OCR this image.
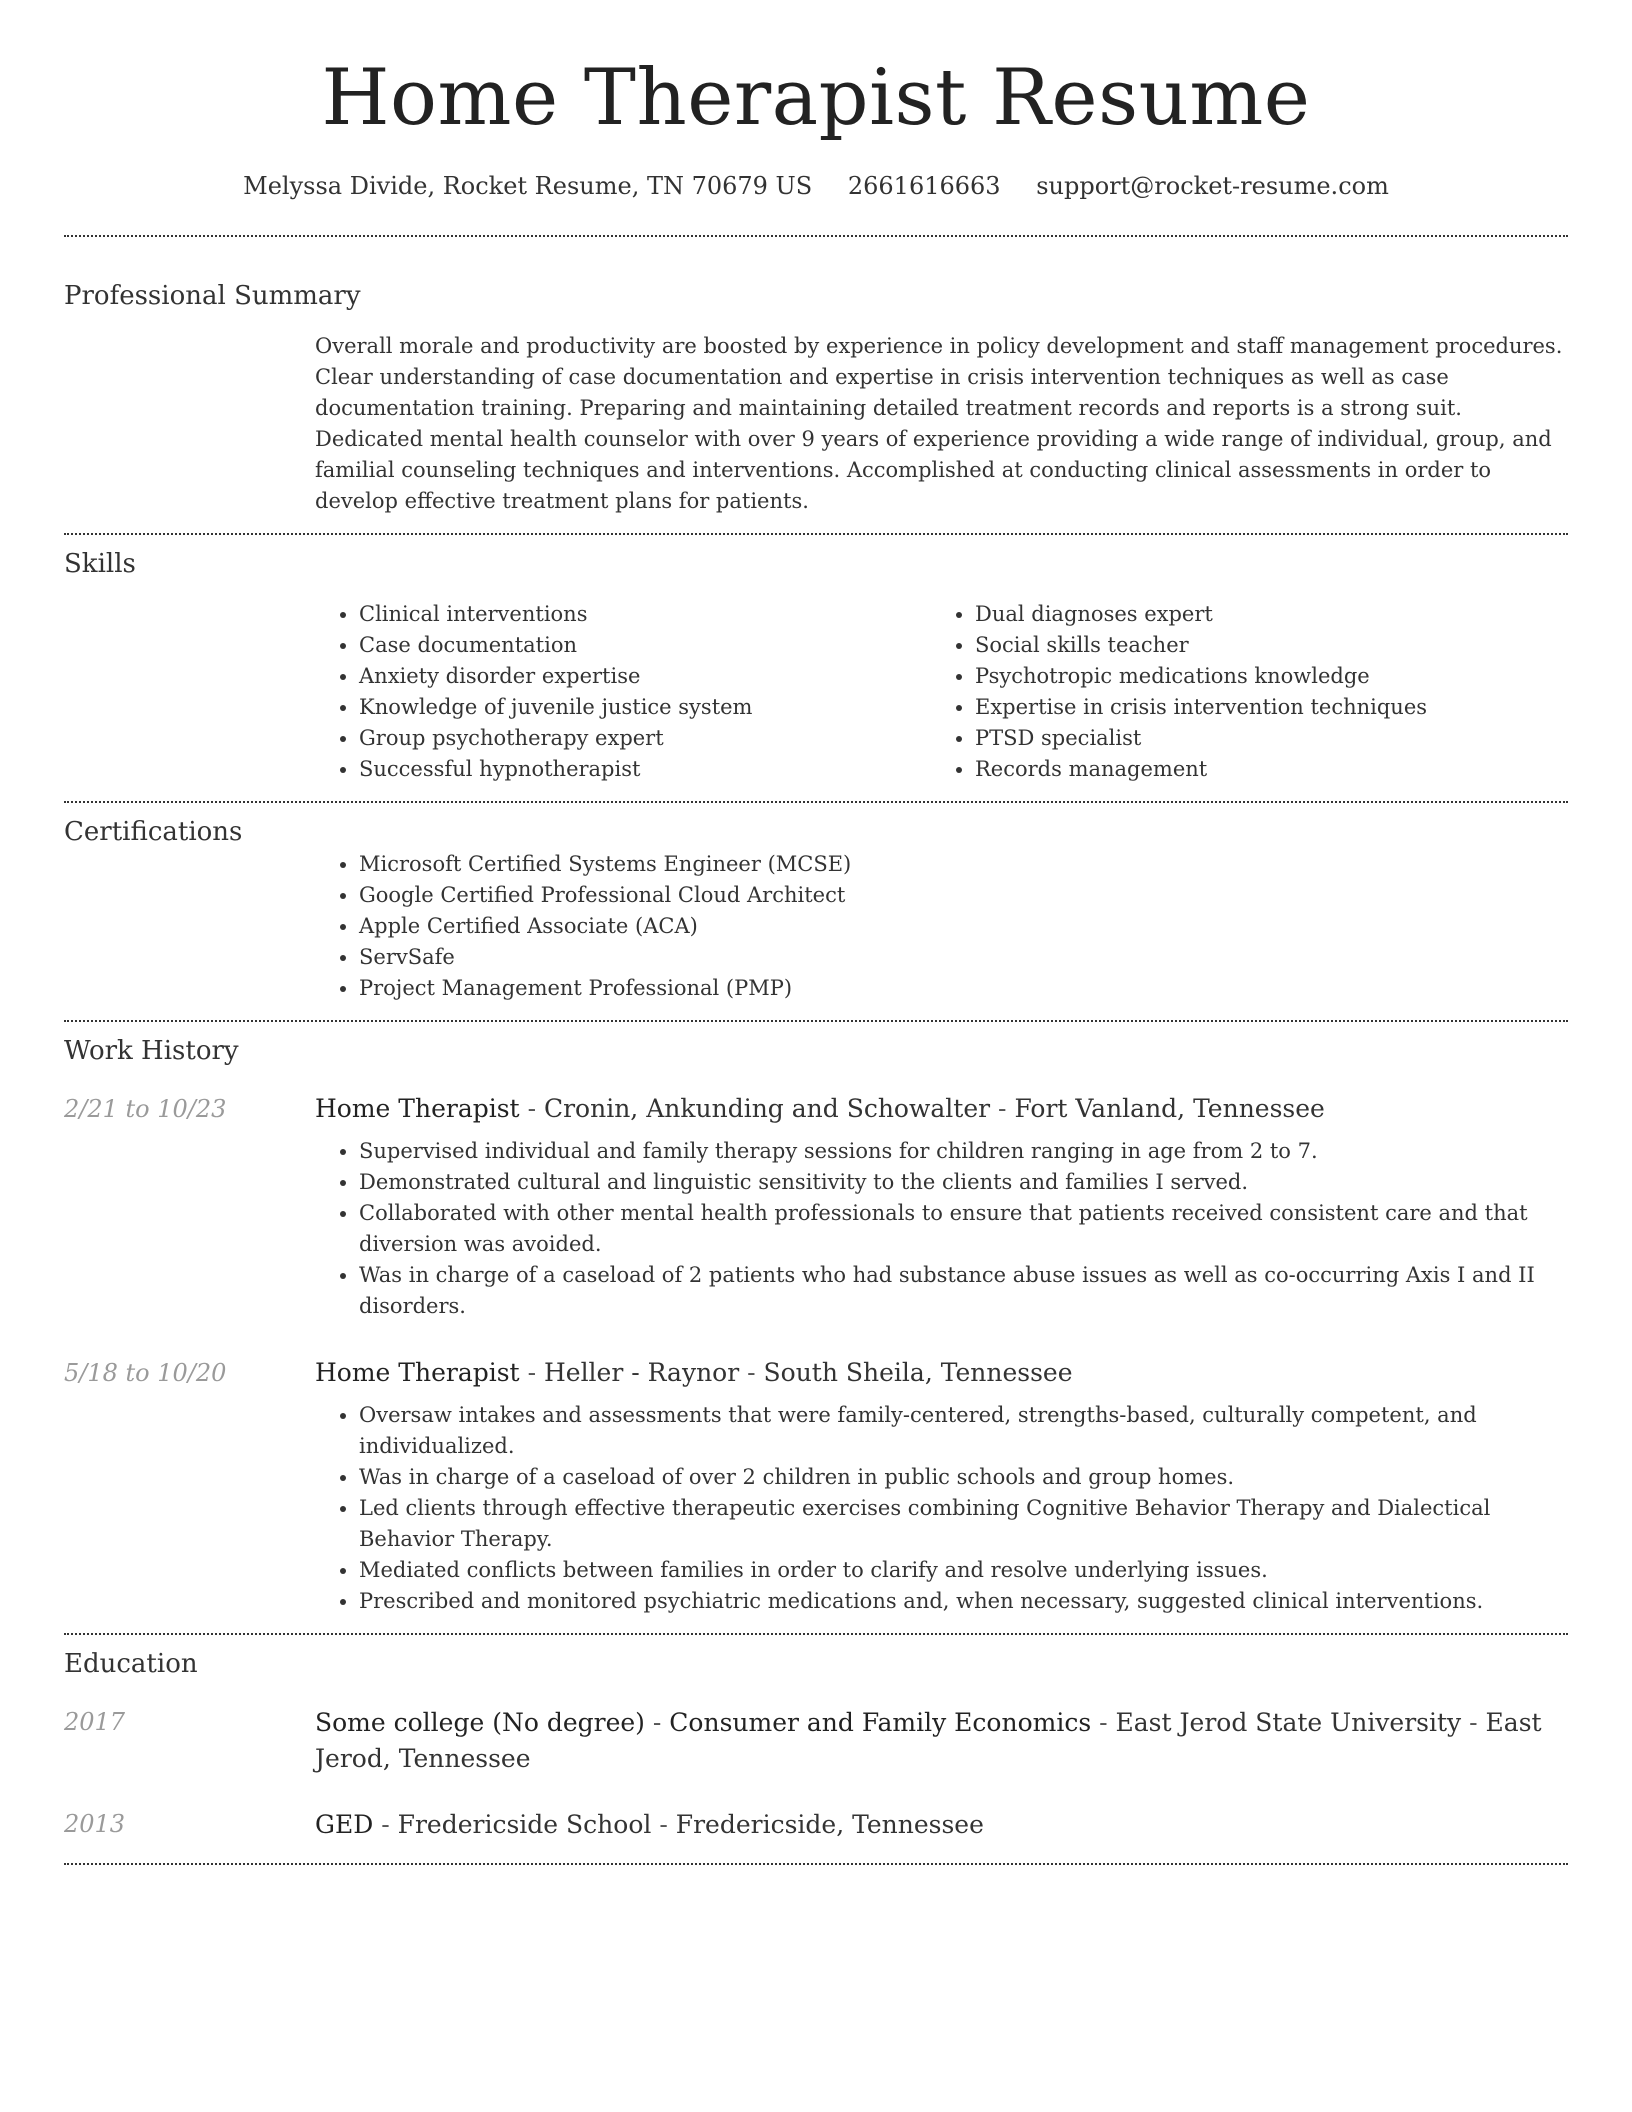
Home Therapist Resume
Melyssa Divide, Rocket Resume, TN 70679 US 2661616663 support@rocket-resume.com
Professional Summary

Overall morale and productivity are boosted by experience in policy development and staff management procedures. Clear understanding of case documentation and expertise in crisis intervention techniques as well as case documentation training. Preparing and maintaining detailed treatment records and reports is a strong suit. Dedicated mental health counselor with over 9 years of experience providing a wide range of individual, group, and familial counseling techniques and interventions. Accomplished at conducting clinical assessments in order to develop effective treatment plans for patients.

Skills
• Clinical interventions
• Case documentation
• Anxiety disorder expertise
• Knowledge of juvenile justice system
• Group psychotherapy expert
• Successful hypnotherapist
• Dual diagnoses expert
• Social skills teacher
• Psychotropic medications knowledge
• Expertise in crisis intervention techniques
• PTSD specialist
• Records management
Certifications
• Microsoft Certified Systems Engineer (MCSE)
• Google Certified Professional Cloud Architect
• Apple Certified Associate (ACA)
• ServSafe
• Project Management Professional (PMP)
Work History
2/21 to 10/23	Home Therapist - Cronin, Ankunding and Schowalter - Fort Vanland, Tennessee
• Supervised individual and family therapy sessions for children ranging in age from 2 to 7.
• Demonstrated cultural and linguistic sensitivity to the clients and families I served.
• Collaborated with other mental health professionals to ensure that patients received consistent care and that diversion was avoided.
• Was in charge of a caseload of 2 patients who had substance abuse issues as well as co-occurring Axis I and II disorders.
5/18 to 10/20	Home Therapist - Heller - Raynor - South Sheila, Tennessee
• Oversaw intakes and assessments that were family-centered, strengths-based, culturally competent, and individualized.
• Was in charge of a caseload of over 2 children in public schools and group homes.
• Led clients through effective therapeutic exercises combining Cognitive Behavior Therapy and Dialectical Behavior Therapy.
• Mediated conflicts between families in order to clarify and resolve underlying issues.
• Prescribed and monitored psychiatric medications and, when necessary, suggested clinical interventions.
Education
2017	Some college (No degree) - Consumer and Family Economics - East Jerod State University - East Jerod, Tennessee
2013	GED - Fredericside School - Fredericside, Tennessee
